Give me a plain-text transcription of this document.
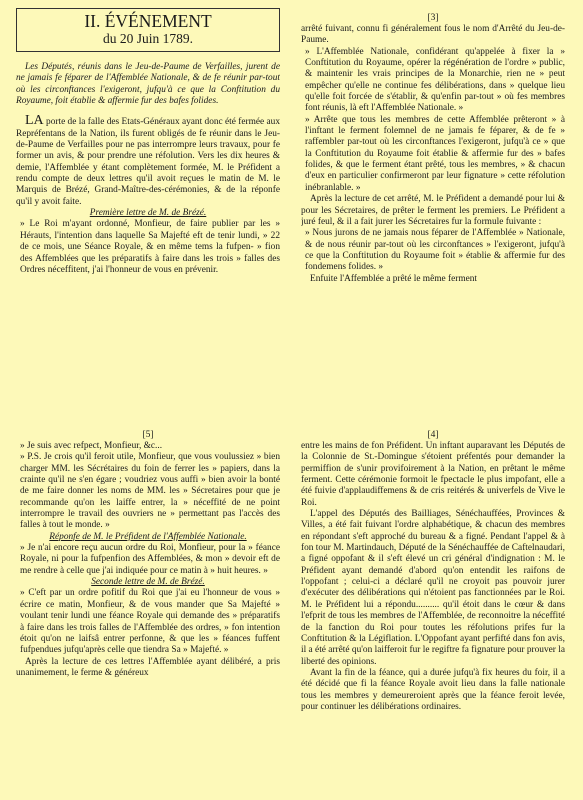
II. ÉVÉNEMENT
du 20 Juin 1789.

Les Députés, réunis dans le Jeu-de-Paume de Verfailles, jurent de ne jamais fe féparer de l'Affemblée Nationale, & de fe réunir par-tout où les circonftances l'exigeront, jufqu'à ce que la Conftitution du Royaume, foit établie & affermie fur des bafes folides.

LA porte de la falle des Etats-Généraux ayant donc été fermée aux Repréfentans de la Nation, ils furent obligés de fe réunir dans le Jeu-de-Paume de Verfailles pour ne pas interrompre leurs travaux, pour fe former un avis, & pour prendre une réfolution. Vers les dix heures & demie, l'Affemblée y étant complètement formée, M. le Préfident a rendu compte de deux lettres qu'il avoit reçues le matin de M. le Marquis de Brézé, Grand-Maître-des-cérémonies, & de la réponfe qu'il y avoit faite.

Première lettre de M. de Brézé.

» Le Roi m'ayant ordonné, Monfieur, de faire publier par les » Hérauts, l'intention dans laquelle Sa Majefté eft de tenir lundi, » 22 de ce mois, une Séance Royale, & en même tems la fufpen- » fion des Affemblées que les préparatifs à faire dans les trois » falles des Ordres néceffitent, j'ai l'honneur de vous en prévenir.

[3]

arrêté fuivant, connu fi généralement fous le nom d'Arrêté du Jeu-de-Paume.

» L'Affemblée Nationale, confidérant qu'appelée à fixer la » Conftitution du Royaume, opérer la régénération de l'ordre » public, & maintenir les vrais principes de la Monarchie, rien ne » peut empêcher qu'elle ne continue fes délibérations, dans » quelque lieu qu'elle foit forcée de s'établir, & qu'enfin par-tout » où fes membres font réunis, là eft l'Affemblée Nationale. »

» Arrête que tous les membres de cette Affemblée prêteront » à l'inftant le ferment folemnel de ne jamais fe féparer, & de fe » raffembler par-tout où les circonftances l'exigeront, jufqu'à ce » que la Conftitution du Royaume foit établie & affermie fur des » bafes folides, & que le ferment étant prêté, tous les membres, » & chacun d'eux en particulier confirmeront par leur fignature » cette réfolution inébranlable. »

Après la lecture de cet arrêté, M. le Préfident a demandé pour lui & pour les Sécretaires, de prêter le ferment les premiers. Le Préfident a juré feul, & il a fait jurer les Sécretaires fur la formule fuivante :

» Nous jurons de ne jamais nous féparer de l'Affemblée » Nationale, & de nous réunir par-tout où les circonftances » l'exigeront, jufqu'à ce que la Conftitution du Royaume foit » établie & affermie fur des fondemens folides. »

Enfuite l'Affemblée a prêté le même ferment

[5]

» Je suis avec refpect, Monfieur, &c...

» P.S. Je crois qu'il feroit utile, Monfieur, que vous voulussiez » bien charger MM. les Sécrétaires du foin de ferrer les » papiers, dans la crainte qu'il ne s'en égare ; voudriez vous auffi » bien avoir la bonté de me faire donner les noms de MM. les » Sécretaires pour que je recommande qu'on les laiffe entrer, la » néceffité de ne point interrompre le travail des ouvriers ne » permettant pas l'accès des falles à tout le monde. »

Réponfe de M. le Préfident de l'Affemblée Nationale.

» Je n'ai encore reçu aucun ordre du Roi, Monfieur, pour la » féance Royale, ni pour la fufpenfion des Affemblées, & mon » devoir eft de me rendre à celle que j'ai indiquée pour ce matin à » huit heures. »

Seconde lettre de M. de Brézé.

» C'eft par un ordre pofitif du Roi que j'ai eu l'honneur de vous » écrire ce matin, Monfieur, & de vous mander que Sa Majefté » voulant tenir lundi une féance Royale qui demande des » préparatifs à faire dans les trois falles de l'Affemblée des ordres, » fon intention étoit qu'on ne laifsâ entrer perfonne, & que les » féances fuffent fufpendues jufqu'après celle que tiendra Sa » Majefté. »

Après la lecture de ces lettres l'Affemblée ayant délibéré, a pris unanimement, le ferme & généreux

[4]

entre les mains de fon Préfident. Un inftant auparavant les Députés de la Colonnie de St.-Domingue s'étoient préfentés pour demander la permiffion de s'unir provifoirement à la Nation, en prêtant le même ferment. Cette cérémonie formoit le fpectacle le plus impofant, elle a été fuivie d'applaudiffemens & de cris reitérés & univerfels de Vive le Roi.

L'appel des Députés des Bailliages, Sénéchauffées, Provinces & Villes, a été fait fuivant l'ordre alphabétique, & chacun des membres en répondant s'eft approché du bureau & a figné. Pendant l'appel & à fon tour M. Martindauch, Député de la Sénéchauffée de Caftelnaudari, a figné oppofant & il s'eft élevé un cri général d'indignation : M. le Préfident ayant demandé d'abord qu'on entendit les raifons de l'oppofant ; celui-ci a déclaré qu'il ne croyoit pas pouvoir jurer d'exécuter des délibérations qui n'étoient pas fanctionnées par le Roi. M. le Préfident lui a répondu.......... qu'il étoit dans le cœur & dans l'efprit de tous les membres de l'Affemblée, de reconnoitre la néceffité de la fanction du Roi pour toutes les réfolutions prifes fur la Conftitution & la Légiflation. L'Oppofant ayant perfifté dans fon avis, il a été arrêté qu'on laifferoit fur le regiftre fa fignature pour prouver la liberté des opinions.

Avant la fin de la féance, qui a durée jufqu'à fix heures du foir, il a été décidé que fi la féance Royale avoit lieu dans la falle nationale tous les membres y demeureroient après que la féance feroit levée, pour continuer les délibérations ordinaires.
